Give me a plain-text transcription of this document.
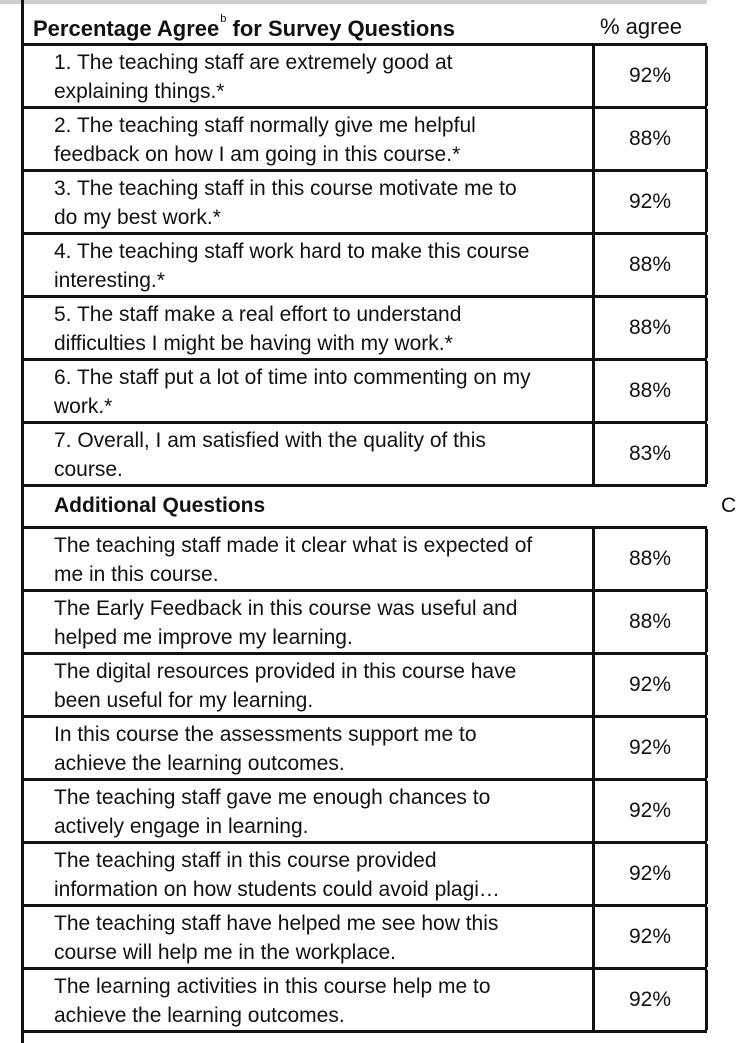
Percentage Agree$^b$ for Survey Questions	% agree
1. The teaching staff are extremely good at
explaining things.*
92%
2. The teaching staff normally give me helpful
feedback on how I am going in this course.*
88%
3. The teaching staff in this course motivate me to
do my best work.*
92%
4. The teaching staff work hard to make this course
interesting.*
88%
5. The staff make a real effort to understand
difficulties I might be having with my work.*
88%
6. The staff put a lot of time into commenting on my
work.*
88%
7. Overall, I am satisfied with the quality of this
course.
83%
Additional Questions	C
The teaching staff made it clear what is expected of
me in this course.
88%
The Early Feedback in this course was useful and
helped me improve my learning.
88%
The digital resources provided in this course have
been useful for my learning.
92%
In this course the assessments support me to
achieve the learning outcomes.
92%
The teaching staff gave me enough chances to
actively engage in learning.
92%
The teaching staff in this course provided
information on how students could avoid plagi…
92%
The teaching staff have helped me see how this
course will help me in the workplace.
92%
The learning activities in this course help me to
achieve the learning outcomes.
92%
